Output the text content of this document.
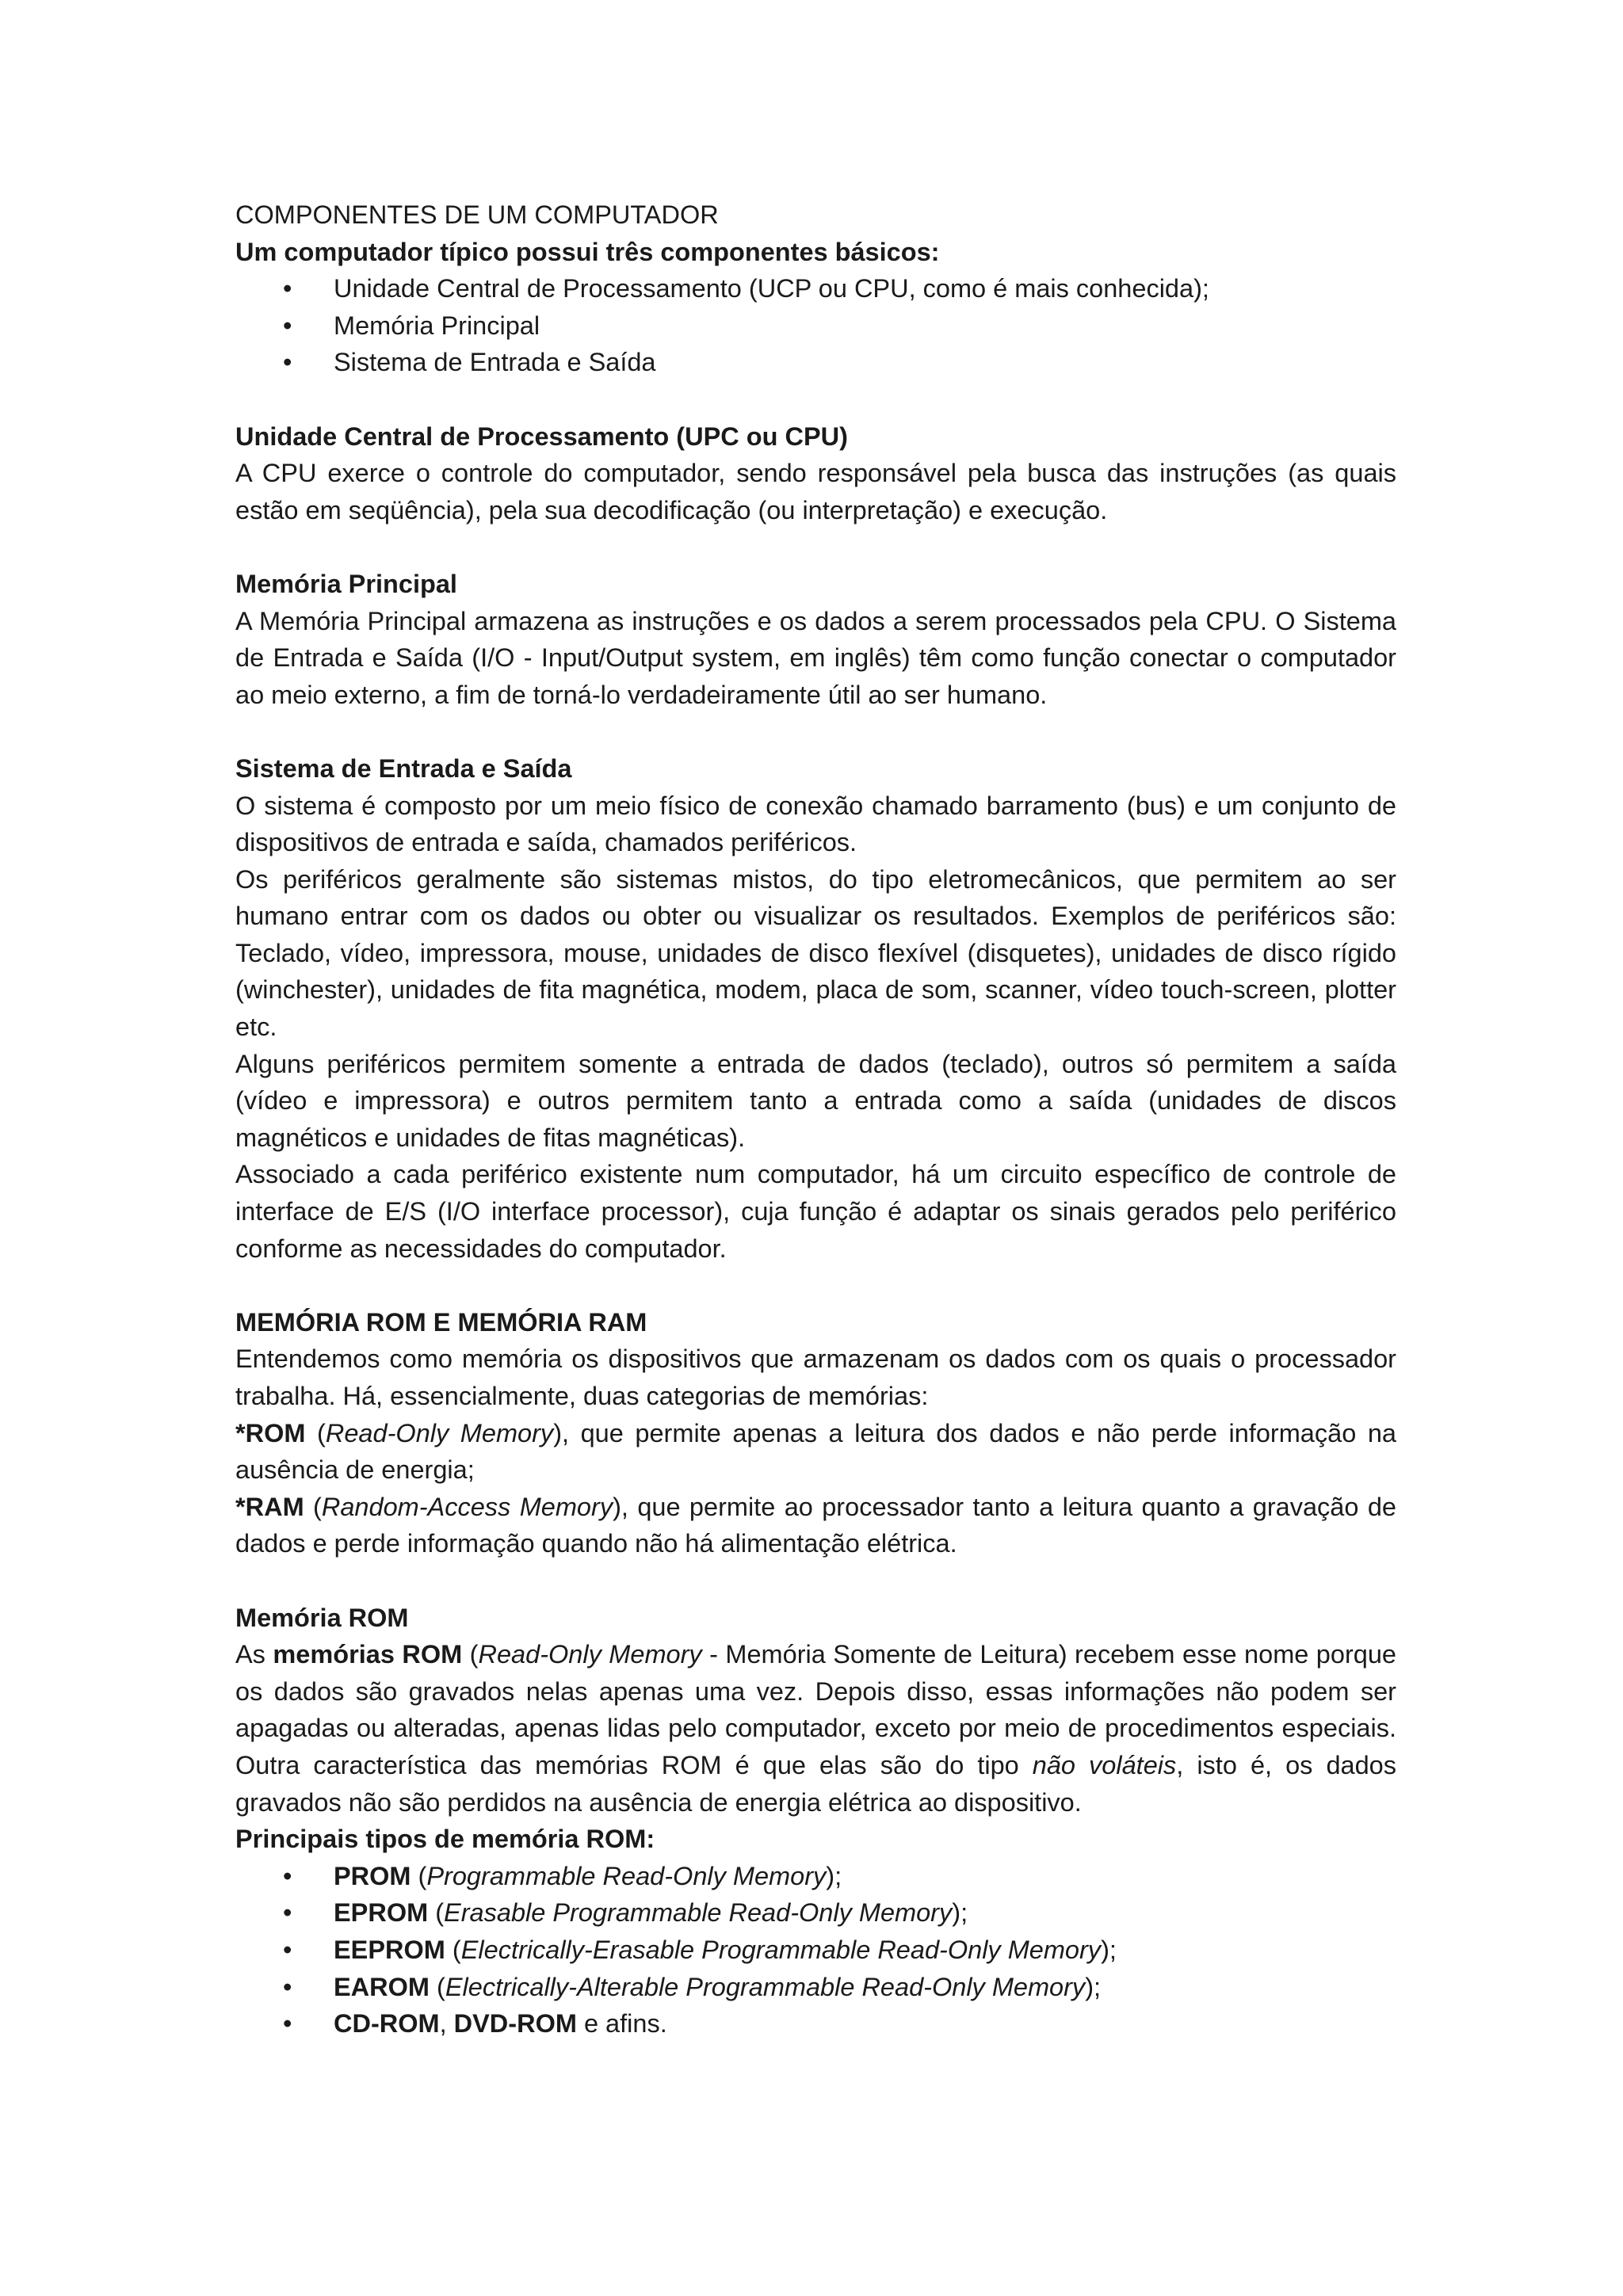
COMPONENTES DE UM COMPUTADOR

Um computador típico possui três componentes básicos:

• Unidade Central de Processamento (UCP ou CPU, como é mais conhecida);
• Memória Principal
• Sistema de Entrada e Saída

Unidade Central de Processamento (UPC ou CPU)

A CPU exerce o controle do computador, sendo responsável pela busca das instruções (as quais estão em seqüência), pela sua decodificação (ou interpretação) e execução.

Memória Principal

A Memória Principal armazena as instruções e os dados a serem processados pela CPU. O Sistema de Entrada e Saída (I/O - Input/Output system, em inglês) têm como função conectar o computador ao meio externo, a fim de torná-lo verdadeiramente útil ao ser humano.

Sistema de Entrada e Saída

O sistema é composto por um meio físico de conexão chamado barramento (bus) e um conjunto de dispositivos de entrada e saída, chamados periféricos.

Os periféricos geralmente são sistemas mistos, do tipo eletromecânicos, que permitem ao ser humano entrar com os dados ou obter ou visualizar os resultados. Exemplos de periféricos são: Teclado, vídeo, impressora, mouse, unidades de disco flexível (disquetes), unidades de disco rígido (winchester), unidades de fita magnética, modem, placa de som, scanner, vídeo touch-screen, plotter etc.

Alguns periféricos permitem somente a entrada de dados (teclado), outros só permitem a saída (vídeo e impressora) e outros permitem tanto a entrada como a saída (unidades de discos magnéticos e unidades de fitas magnéticas).

Associado a cada periférico existente num computador, há um circuito específico de controle de interface de E/S (I/O interface processor), cuja função é adaptar os sinais gerados pelo periférico conforme as necessidades do computador.

MEMÓRIA ROM E MEMÓRIA RAM

Entendemos como memória os dispositivos que armazenam os dados com os quais o processador trabalha. Há, essencialmente, duas categorias de memórias:

*ROM (Read-Only Memory), que permite apenas a leitura dos dados e não perde informação na ausência de energia;

*RAM (Random-Access Memory), que permite ao processador tanto a leitura quanto a gravação de dados e perde informação quando não há alimentação elétrica.

Memória ROM

As memórias ROM (Read-Only Memory - Memória Somente de Leitura) recebem esse nome porque os dados são gravados nelas apenas uma vez. Depois disso, essas informações não podem ser apagadas ou alteradas, apenas lidas pelo computador, exceto por meio de procedimentos especiais. Outra característica das memórias ROM é que elas são do tipo não voláteis, isto é, os dados gravados não são perdidos na ausência de energia elétrica ao dispositivo.

Principais tipos de memória ROM:

• PROM (Programmable Read-Only Memory);
• EPROM (Erasable Programmable Read-Only Memory);
• EEPROM (Electrically-Erasable Programmable Read-Only Memory);
• EAROM (Electrically-Alterable Programmable Read-Only Memory);
• CD-ROM, DVD-ROM e afins.
